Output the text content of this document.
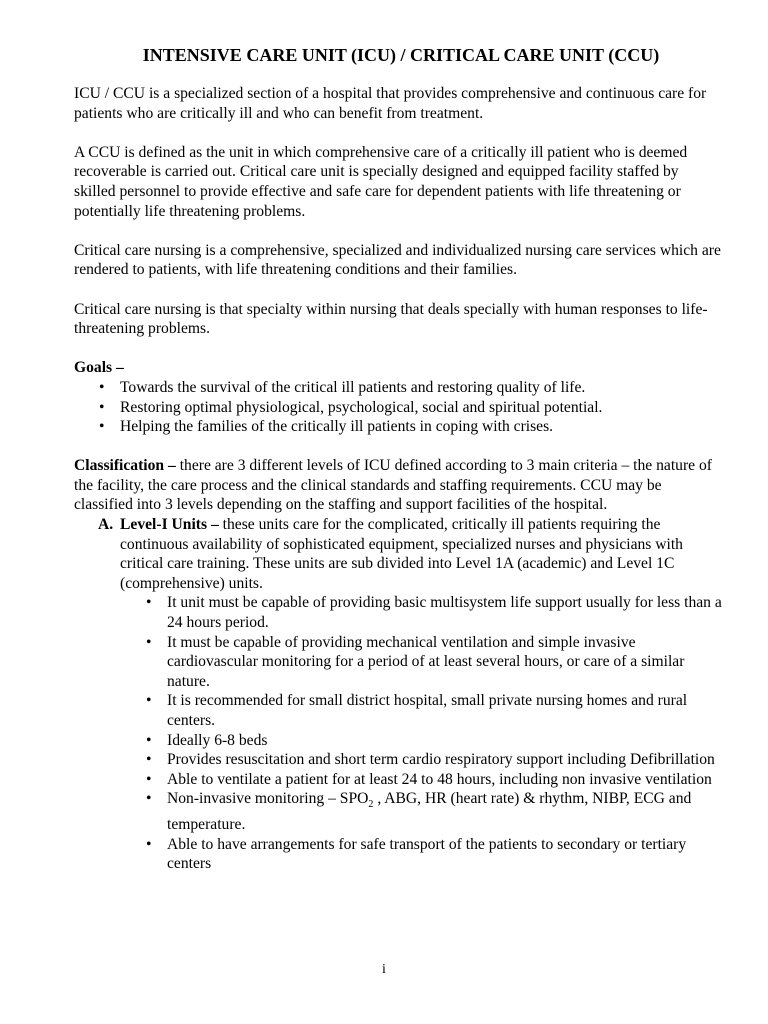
INTENSIVE CARE UNIT (ICU) / CRITICAL CARE UNIT (CCU)

ICU / CCU is a specialized section of a hospital that provides comprehensive and continuous care for patients who are critically ill and who can benefit from treatment.

A CCU is defined as the unit in which comprehensive care of a critically ill patient who is deemed recoverable is carried out. Critical care unit is specially designed and equipped facility staffed by skilled personnel to provide effective and safe care for dependent patients with life threatening or potentially life threatening problems.

Critical care nursing is a comprehensive, specialized and individualized nursing care services which are rendered to patients, with life threatening conditions and their families.

Critical care nursing is that specialty within nursing that deals specially with human responses to life-threatening problems.

Goals –
• Towards the survival of the critical ill patients and restoring quality of life.
• Restoring optimal physiological, psychological, social and spiritual potential.
• Helping the families of the critically ill patients in coping with crises.
Classification – there are 3 different levels of ICU defined according to 3 main criteria – the nature of the facility, the care process and the clinical standards and staffing requirements. CCU may be classified into 3 levels depending on the staffing and support facilities of the hospital.
A. Level-I Units – these units care for the complicated, critically ill patients requiring the continuous availability of sophisticated equipment, specialized nurses and physicians with critical care training. These units are sub divided into Level 1A (academic) and Level 1C (comprehensive) units.
• It unit must be capable of providing basic multisystem life support usually for less than a 24 hours period.
• It must be capable of providing mechanical ventilation and simple invasive cardiovascular monitoring for a period of at least several hours, or care of a similar nature.
• It is recommended for small district hospital, small private nursing homes and rural centers.
• Ideally 6-8 beds
• Provides resuscitation and short term cardio respiratory support including Defibrillation
• Able to ventilate a patient for at least 24 to 48 hours, including non invasive ventilation
• Non-invasive monitoring – $SPO_2$ , ABG, HR (heart rate) & rhythm, NIBP, ECG and temperature.
• Able to have arrangements for safe transport of the patients to secondary or tertiary centers
i
